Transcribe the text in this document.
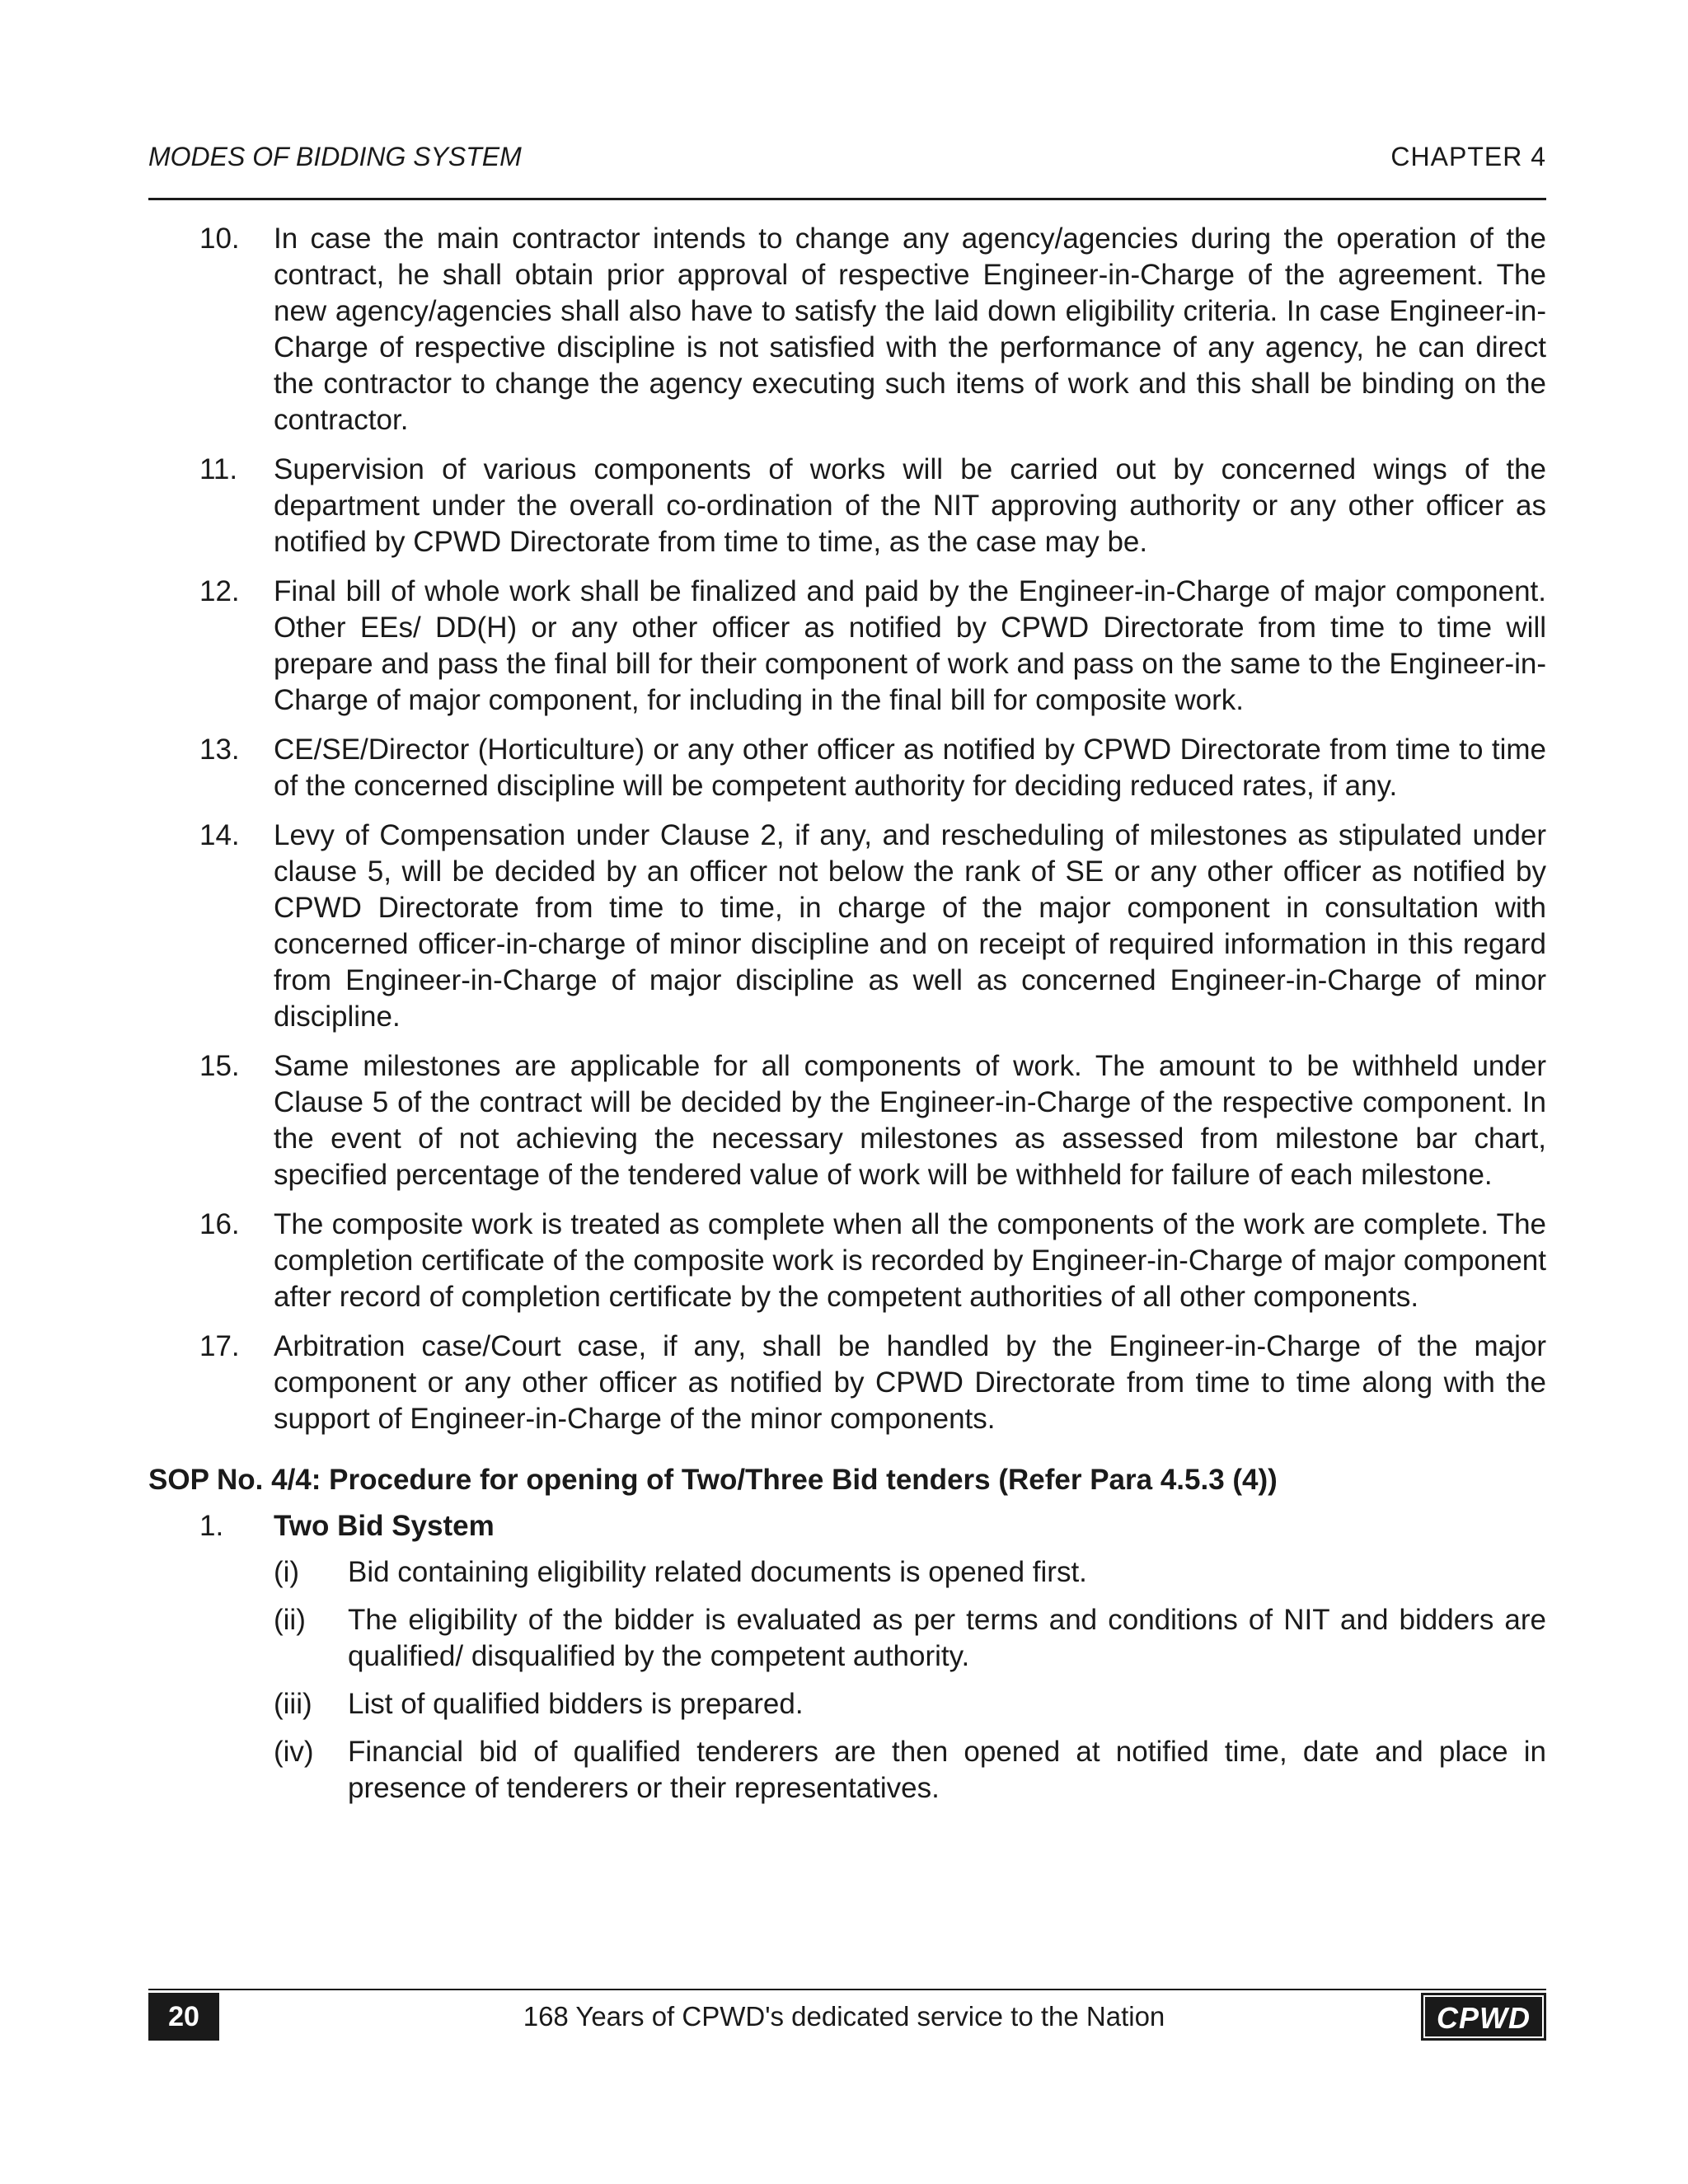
MODES OF BIDDING SYSTEM	CHAPTER 4
10. In case the main contractor intends to change any agency/agencies during the operation of the contract, he shall obtain prior approval of respective Engineer-in-Charge of the agreement. The new agency/agencies shall also have to satisfy the laid down eligibility criteria. In case Engineer-in-Charge of respective discipline is not satisfied with the performance of any agency, he can direct the contractor to change the agency executing such items of work and this shall be binding on the contractor.
11. Supervision of various components of works will be carried out by concerned wings of the department under the overall co-ordination of the NIT approving authority or any other officer as notified by CPWD Directorate from time to time, as the case may be.
12. Final bill of whole work shall be finalized and paid by the Engineer-in-Charge of major component. Other EEs/ DD(H) or any other officer as notified by CPWD Directorate from time to time will prepare and pass the final bill for their component of work and pass on the same to the Engineer-in-Charge of major component, for including in the final bill for composite work.
13. CE/SE/Director (Horticulture) or any other officer as notified by CPWD Directorate from time to time of the concerned discipline will be competent authority for deciding reduced rates, if any.
14. Levy of Compensation under Clause 2, if any, and rescheduling of milestones as stipulated under clause 5, will be decided by an officer not below the rank of SE or any other officer as notified by CPWD Directorate from time to time, in charge of the major component in consultation with concerned officer-in-charge of minor discipline and on receipt of required information in this regard from Engineer-in-Charge of major discipline as well as concerned Engineer-in-Charge of minor discipline.
15. Same milestones are applicable for all components of work. The amount to be withheld under Clause 5 of the contract will be decided by the Engineer-in-Charge of the respective component. In the event of not achieving the necessary milestones as assessed from milestone bar chart, specified percentage of the tendered value of work will be withheld for failure of each milestone.
16. The composite work is treated as complete when all the components of the work are complete. The completion certificate of the composite work is recorded by Engineer-in-Charge of major component after record of completion certificate by the competent authorities of all other components.
17. Arbitration case/Court case, if any, shall be handled by the Engineer-in-Charge of the major component or any other officer as notified by CPWD Directorate from time to time along with the support of Engineer-in-Charge of the minor components.
SOP No. 4/4: Procedure for opening of Two/Three Bid tenders (Refer Para 4.5.3 (4))
1. Two Bid System
(i) Bid containing eligibility related documents is opened first.
(ii) The eligibility of the bidder is evaluated as per terms and conditions of NIT and bidders are qualified/ disqualified by the competent authority.
(iii) List of qualified bidders is prepared.
(iv) Financial bid of qualified tenderers are then opened at notified time, date and place in presence of tenderers or their representatives.
20	168 Years of CPWD's dedicated service to the Nation	CPWD
